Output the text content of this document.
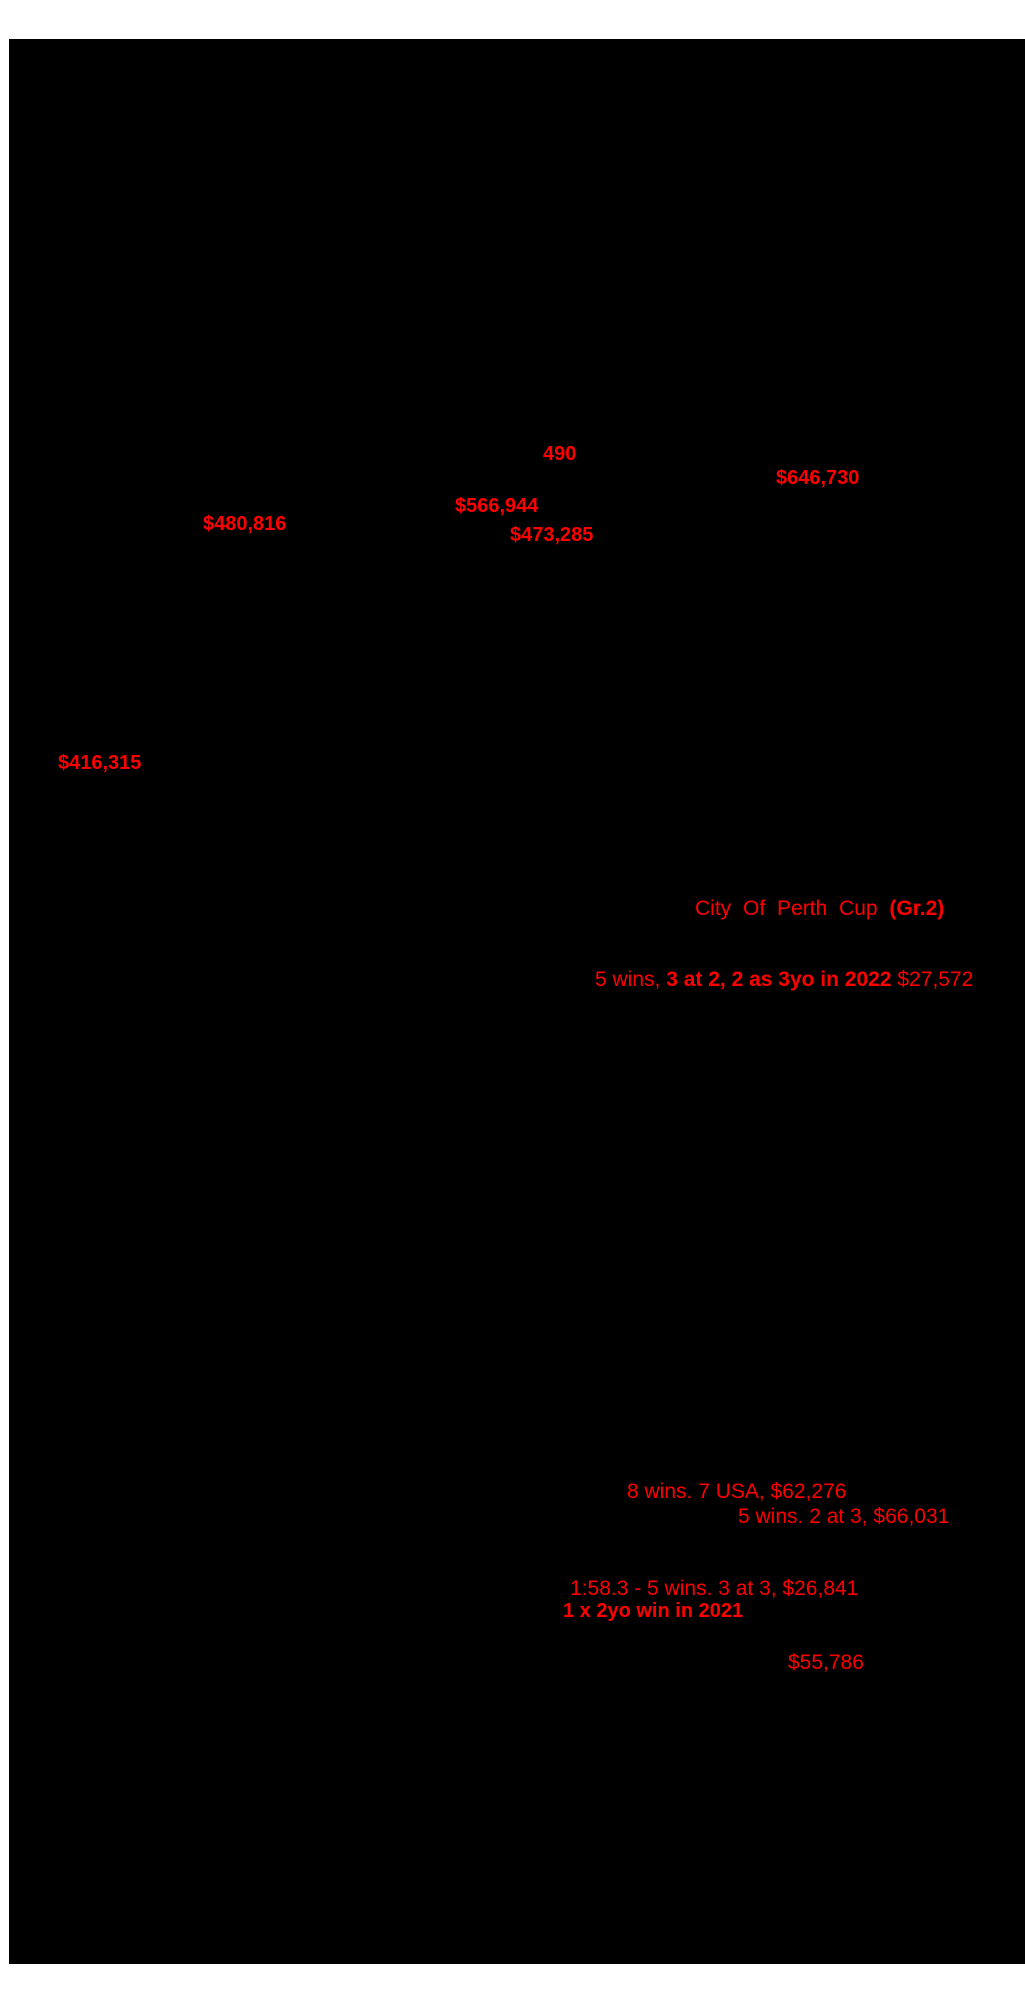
490
$646,730
$566,944
$480,816	$473,285
$416,315
City Of Perth Cup (Gr.2)
5 wins, 3 at 2, 2 as 3yo in 2022 $27,572
8 wins. 7 USA, $62,276
5 wins. 2 at 3, $66,031
1:58.3 - 5 wins. 3 at 3, $26,841
1 x 2yo win in 2021
$55,786
